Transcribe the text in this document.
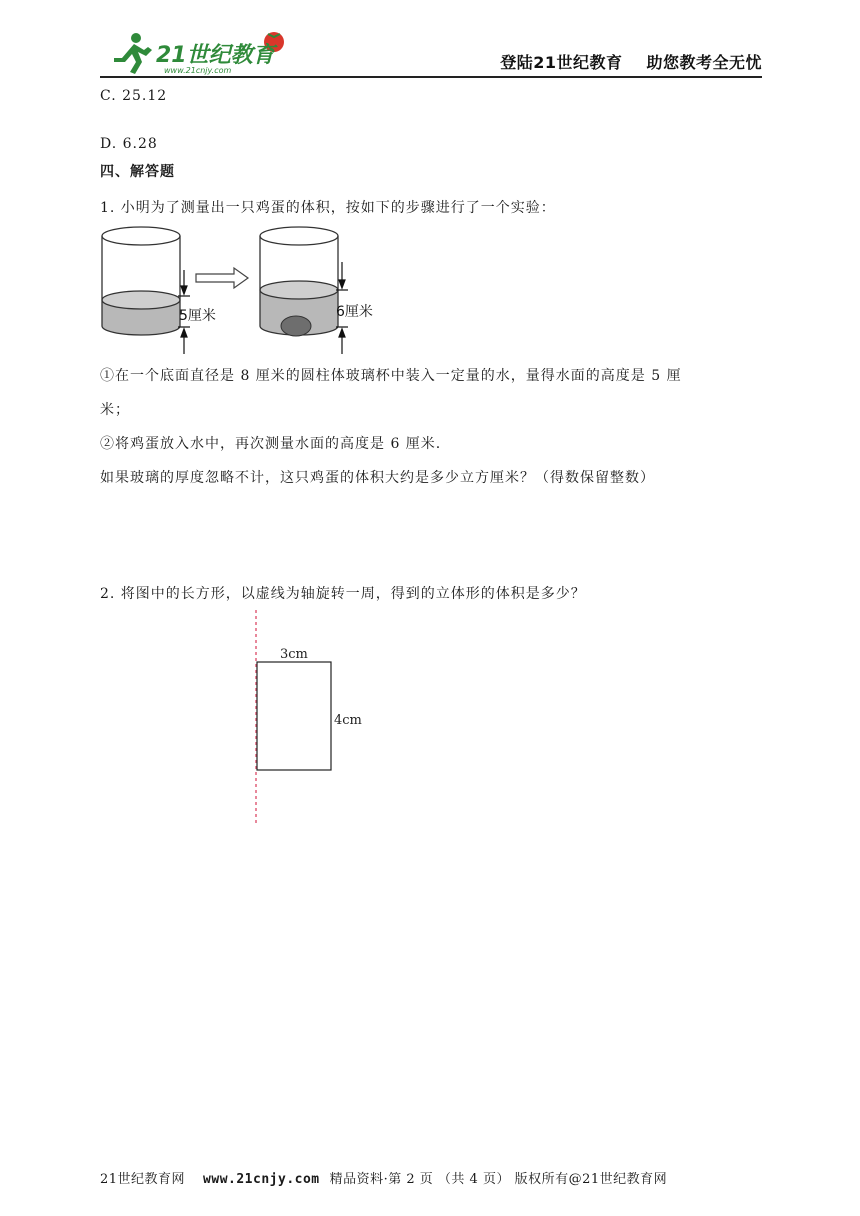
21世纪教育
www.21cnjy.com	登陆21世纪教育 助您教考全无忧
C. 25.12
D. 6.28
四、解答题
1. 小明为了测量出一只鸡蛋的体积，按如下的步骤进行了一个实验：
5厘米	6厘米
①在一个底面直径是 8 厘米的圆柱体玻璃杯中装入一定量的水，量得水面的高度是 5 厘
米；
②将鸡蛋放入水中，再次测量水面的高度是 6 厘米.
如果玻璃的厚度忽略不计，这只鸡蛋的体积大约是多少立方厘米？（得数保留整数）
2. 将图中的长方形，以虚线为轴旋转一周，得到的立体形的体积是多少？
3cm
4cm
21世纪教育网 www.21cnjy.com 精品资料·第 2 页 （共 4 页） 版权所有@21世纪教育网
